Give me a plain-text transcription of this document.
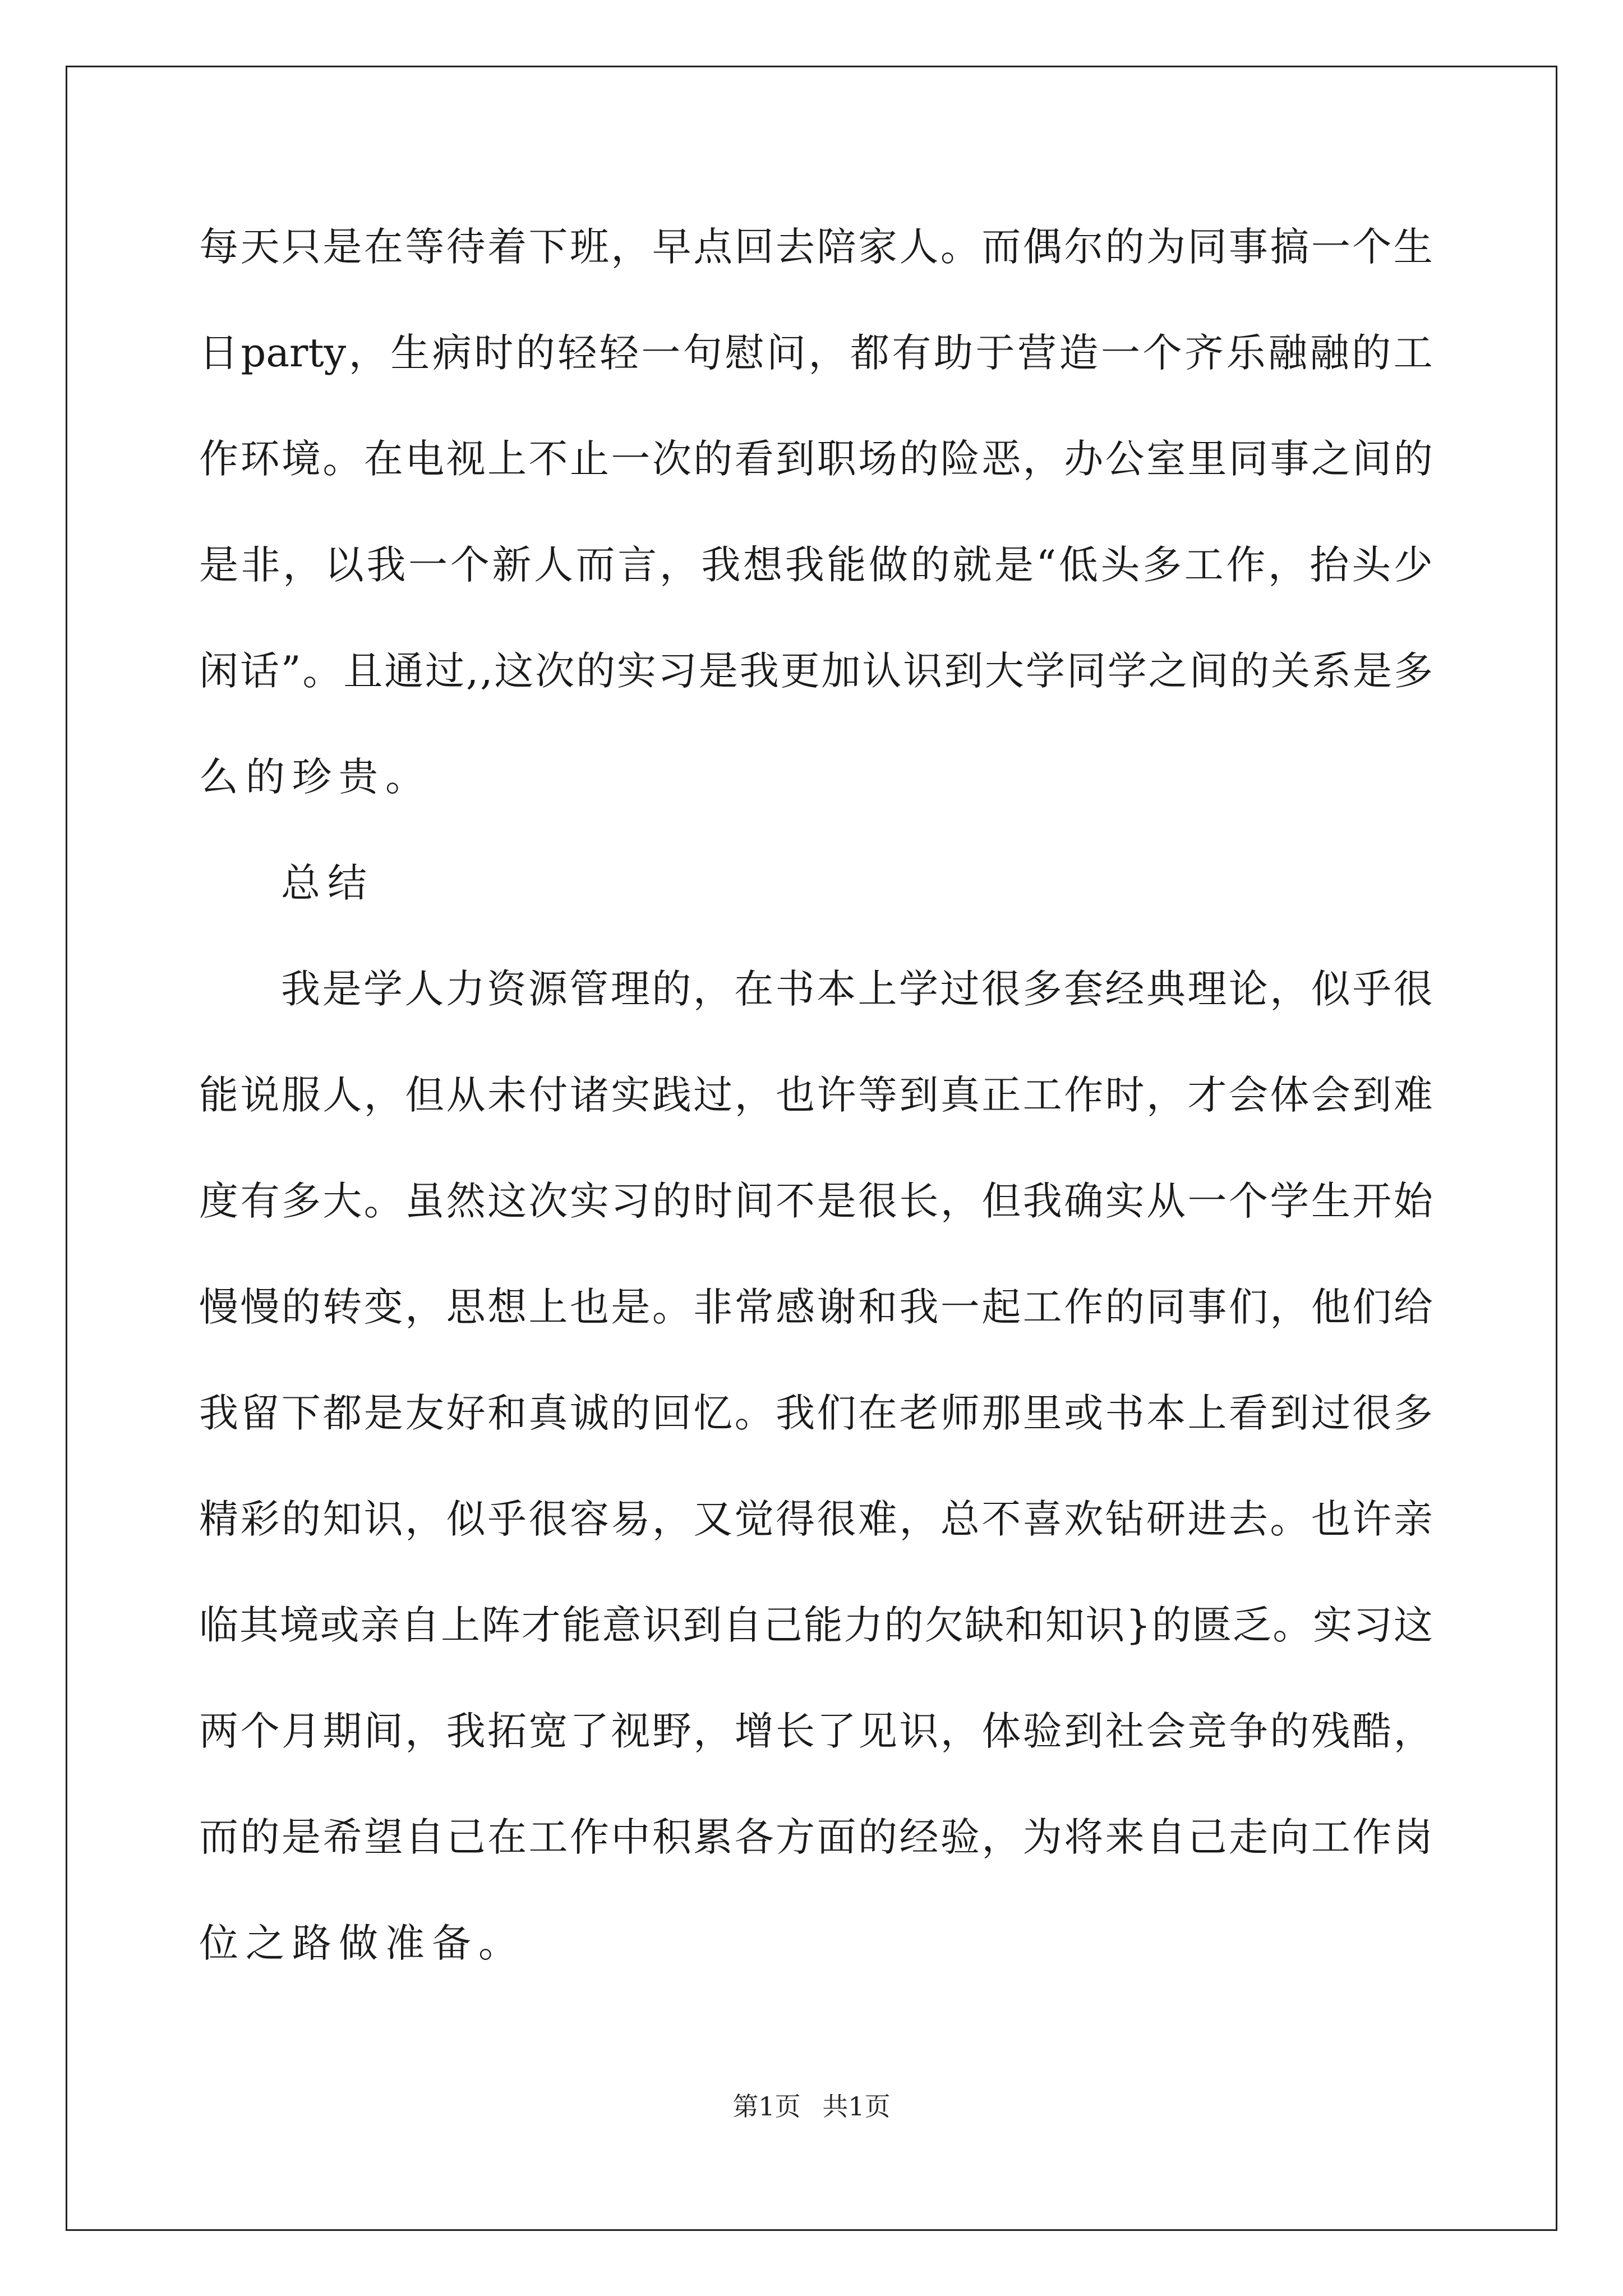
每 天 只 是 在 等 待 着 下 班 ， 早 点 回 去 陪 家 人 。 而 偶 尔 的 为 同 事 搞 一 个 生
日 party ， 生 病 时 的 轻 轻 一 句 慰 问 ， 都 有 助 于 营 造 一 个 齐 乐 融 融 的 工
作 环 境 。 在 电 视 上 不 止 一 次 的 看 到 职 场 的 险 恶 ， 办 公 室 里 同 事 之 间 的
是 非 ， 以 我 一 个 新 人 而 言 ， 我 想 我 能 做 的 就 是 “ 低 头 多 工 作 ， 抬 头 少
闲 话 ” 。 且 通 过 , , 这 次 的 实 习 是 我 更 加 认 识 到 大 学 同 学 之 间 的 关 系 是 多
么 的 珍 贵 。
总 结
我 是 学 人 力 资 源 管 理 的 ， 在 书 本 上 学 过 很 多 套 经 典 理 论 ， 似 乎 很
能 说 服 人 ， 但 从 未 付 诸 实 践 过 ， 也 许 等 到 真 正 工 作 时 ， 才 会 体 会 到 难
度 有 多 大 。 虽 然 这 次 实 习 的 时 间 不 是 很 长 ， 但 我 确 实 从 一 个 学 生 开 始
慢 慢 的 转 变 ， 思 想 上 也 是 。 非 常 感 谢 和 我 一 起 工 作 的 同 事 们 ， 他 们 给
我 留 下 都 是 友 好 和 真 诚 的 回 忆 。 我 们 在 老 师 那 里 或 书 本 上 看 到 过 很 多
精 彩 的 知 识 ， 似 乎 很 容 易 ， 又 觉 得 很 难 ， 总 不 喜 欢 钻 研 进 去 。 也 许 亲
临 其 境 或 亲 自 上 阵 才 能 意 识 到 自 己 能 力 的 欠 缺 和 知 识 } 的 匮 乏 。 实 习 这
两 个 月 期 间 ， 我 拓 宽 了 视 野 ， 增 长 了 见 识 ， 体 验 到 社 会 竞 争 的 残 酷 ，
而 的 是 希 望 自 己 在 工 作 中 积 累 各 方 面 的 经 验 ， 为 将 来 自 己 走 向 工 作 岗
位 之 路 做 准 备 。
第1页 共1页
